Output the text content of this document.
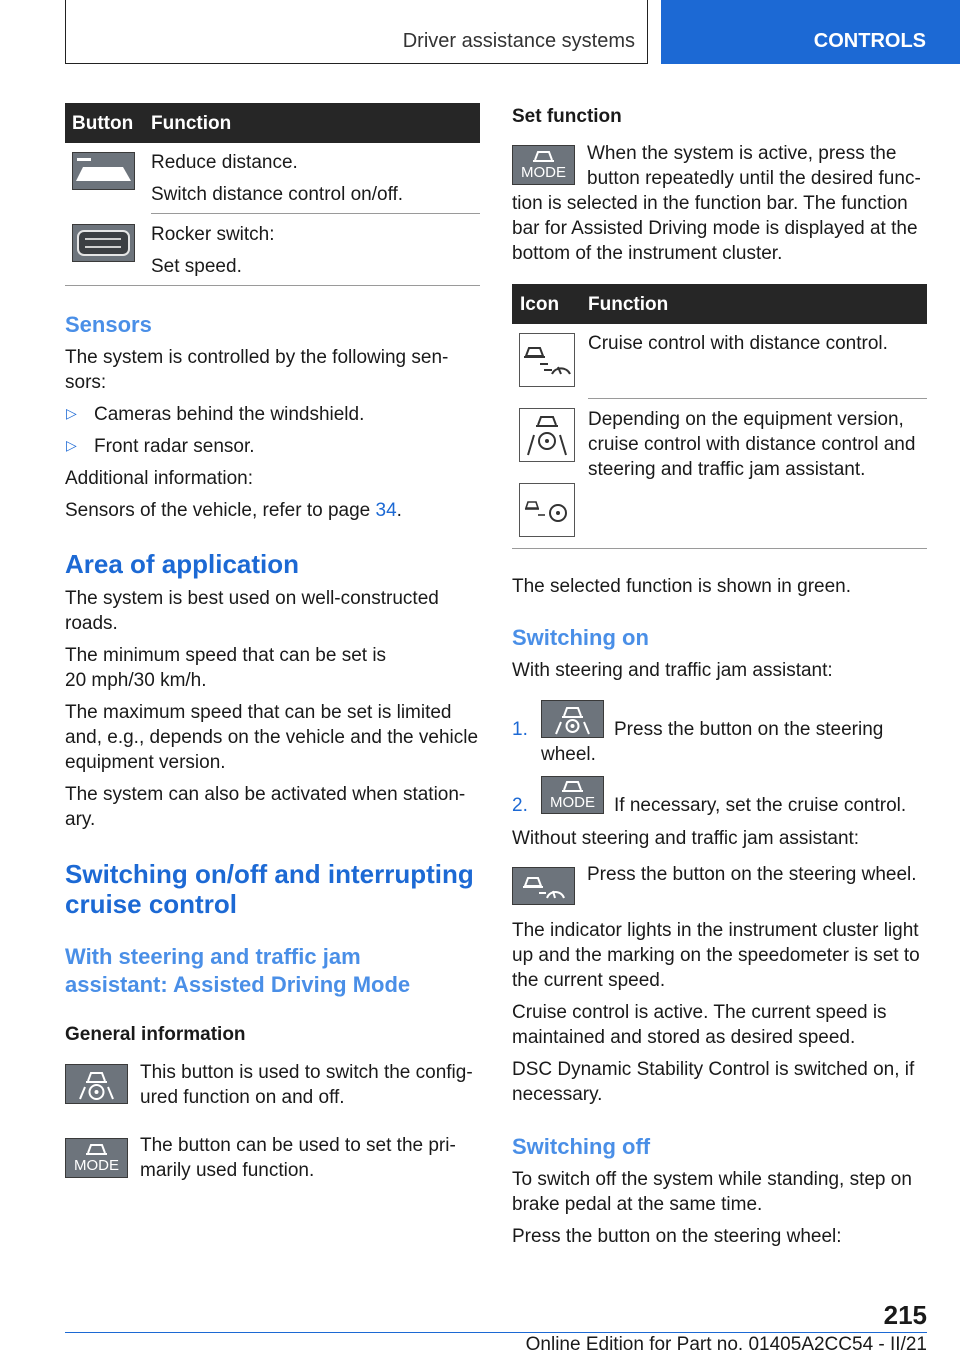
Driver assistance systems	CONTROLS
Button Function
Reduce distance.
Switch distance control on/off.
Rocker switch:
Set speed.
Sensors
The system is controlled by the following sen-
sors:
▷ Cameras behind the windshield.
▷ Front radar sensor.
Additional information:
Sensors of the vehicle, refer to page 34.
Area of application
The system is best used on well-constructed
roads.
The minimum speed that can be set is
20 mph/30 km/h.
The maximum speed that can be set is limited
and, e.g., depends on the vehicle and the vehicle
equipment version.
The system can also be activated when station-
ary.
Switching on/off and interrupting
cruise control
With steering and traffic jam
assistant: Assisted Driving Mode
General information
This button is used to switch the config-
ured function on and off.
MODE
The button can be used to set the pri-
marily used function.
Set function
MODE
When the system is active, press the
button repeatedly until the desired func-
tion is selected in the function bar. The function
bar for Assisted Driving mode is displayed at the
bottom of the instrument cluster.
Icon Function
Cruise control with distance control.
Depending on the equipment version,
cruise control with distance control and
steering and traffic jam assistant.
The selected function is shown in green.
Switching on
With steering and traffic jam assistant:
1.	Press the button on the steering
wheel.
2.	MODE	If necessary, set the cruise control.
Without steering and traffic jam assistant:
Press the button on the steering wheel.
The indicator lights in the instrument cluster light
up and the marking on the speedometer is set to
the current speed.
Cruise control is active. The current speed is
maintained and stored as desired speed.
DSC Dynamic Stability Control is switched on, if
necessary.
Switching off
To switch off the system while standing, step on
brake pedal at the same time.
Press the button on the steering wheel:
215
Online Edition for Part no. 01405A2CC54 - II/21
